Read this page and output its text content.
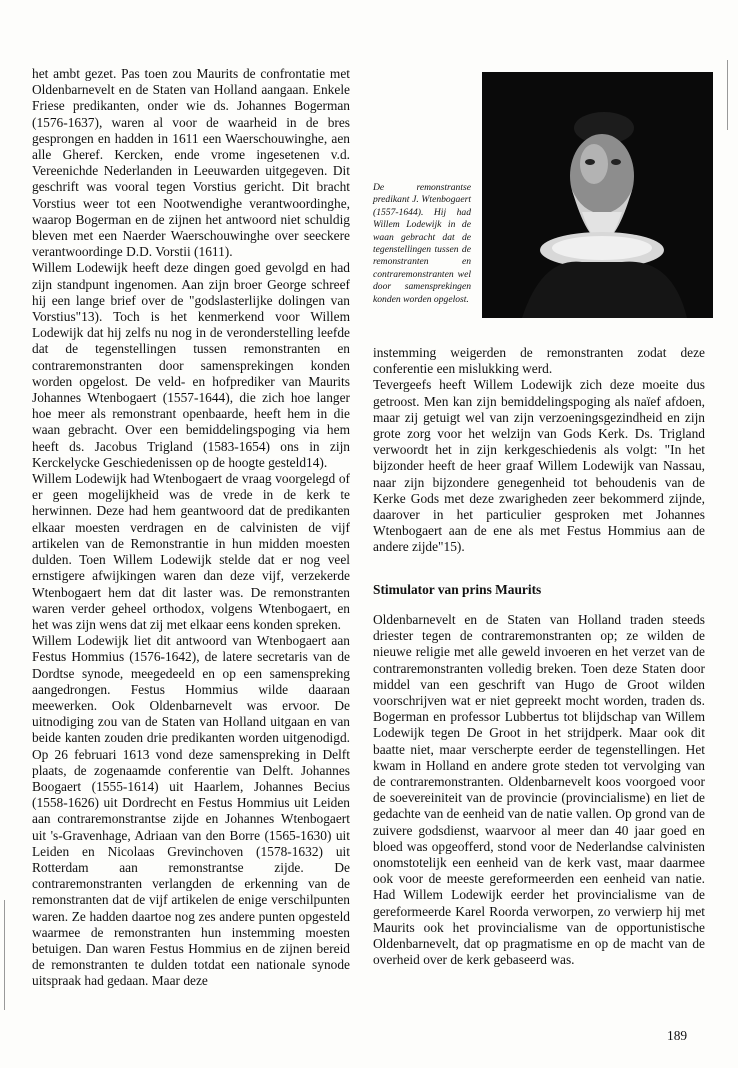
het ambt gezet. Pas toen zou Maurits de confrontatie met Oldenbarnevelt en de Staten van Holland aangaan. Enkele Friese predikanten, onder wie ds. Johannes Bogerman (1576-1637), waren al voor de waarheid in de bres gesprongen en hadden in 1611 een Waerschouwinghe, aen alle Gheref. Kercken, ende vrome ingesetenen v.d. Vereenichde Nederlanden in Leeuwarden uitgegeven. Dit geschrift was vooral tegen Vorstius gericht. Dit bracht Vorstius weer tot een Nootwendighe verantwoordinghe, waarop Bogerman en de zijnen het antwoord niet schuldig bleven met een Naerder Waerschouwinghe over seeckere verantwoordinge D.D. Vorstii (1611).

Willem Lodewijk heeft deze dingen goed gevolgd en had zijn standpunt ingenomen. Aan zijn broer George schreef hij een lange brief over de "godslasterlijke dolingen van Vorstius"13). Toch is het kenmerkend voor Willem Lodewijk dat hij zelfs nu nog in de veronderstelling leefde dat de tegenstellingen tussen remonstranten en contraremonstranten door samensprekingen konden worden opgelost. De veld- en hofprediker van Maurits Johannes Wtenbogaert (1557-1644), die zich hoe langer hoe meer als remonstrant openbaarde, heeft hem in die waan gebracht. Over een bemiddelingspoging via hem heeft ds. Jacobus Trigland (1583-1654) ons in zijn Kerckelycke Geschiedenissen op de hoogte gesteld14).

Willem Lodewijk had Wtenbogaert de vraag voorgelegd of er geen mogelijkheid was de vrede in de kerk te herwinnen. Deze had hem geantwoord dat de predikanten elkaar moesten verdragen en de calvinisten de vijf artikelen van de Remonstrantie in hun midden moesten dulden. Toen Willem Lodewijk stelde dat er nog veel ernstigere afwijkingen waren dan deze vijf, verzekerde Wtenbogaert hem dat dit laster was. De remonstranten waren verder geheel orthodox, volgens Wtenbogaert, en het was zijn wens dat zij met elkaar eens konden spreken.

Willem Lodewijk liet dit antwoord van Wtenbogaert aan Festus Hommius (1576-1642), de latere secretaris van de Dordtse synode, meegedeeld en op een samenspreking aangedrongen. Festus Hommius wilde daaraan meewerken. Ook Oldenbarnevelt was ervoor. De uitnodiging zou van de Staten van Holland uitgaan en van beide kanten zouden drie predikanten worden uitgenodigd. Op 26 februari 1613 vond deze samenspreking in Delft plaats, de zogenaamde conferentie van Delft. Johannes Boogaert (1555-1614) uit Haarlem, Johannes Becius (1558-1626) uit Dordrecht en Festus Hommius uit Leiden aan contraremonstrantse zijde en Johannes Wtenbogaert uit 's-Gravenhage, Adriaan van den Borre (1565-1630) uit Leiden en Nicolaas Grevinchoven (1578-1632) uit Rotterdam aan remonstrantse zijde. De contraremonstranten verlangden de erkenning van de remonstranten dat de vijf artikelen de enige verschilpunten waren. Ze hadden daartoe nog zes andere punten opgesteld waarmee de remonstranten hun instemming moesten betuigen. Dan waren Festus Hommius en de zijnen bereid de remonstranten te dulden totdat een nationale synode uitspraak had gedaan. Maar deze

De remonstrantse predikant J. Wtenbogaert (1557-1644). Hij had Willem Lodewijk in de waan gebracht dat de tegenstellingen tussen de remonstranten en contraremonstranten wel door samensprekingen konden worden opgelost.

instemming weigerden de remonstranten zodat deze conferentie een mislukking werd.

Tevergeefs heeft Willem Lodewijk zich deze moeite dus getroost. Men kan zijn bemiddelingspoging als naïef afdoen, maar zij getuigt wel van zijn verzoeningsgezindheid en zijn grote zorg voor het welzijn van Gods Kerk. Ds. Trigland verwoordt het in zijn kerkgeschiedenis als volgt: "In het bijzonder heeft de heer graaf Willem Lodewijk van Nassau, naar zijn bijzondere genegenheid tot behoudenis van de Kerke Gods met deze zwarigheden zeer bekommerd zijnde, daarover in het particulier gesproken met Johannes Wtenbogaert aan de ene als met Festus Hommius aan de andere zijde"15).

Stimulator van prins Maurits

Oldenbarnevelt en de Staten van Holland traden steeds driester tegen de contraremonstranten op; ze wilden de nieuwe religie met alle geweld invoeren en het verzet van de contraremonstranten volledig breken. Toen deze Staten door middel van een geschrift van Hugo de Groot wilden voorschrijven wat er niet gepreekt mocht worden, traden ds. Bogerman en professor Lubbertus tot blijdschap van Willem Lodewijk tegen De Groot in het strijdperk. Maar ook dit baatte niet, maar verscherpte eerder de tegenstellingen. Het kwam in Holland en andere grote steden tot vervolging van de contraremonstranten. Oldenbarnevelt koos voorgoed voor de soevereiniteit van de provincie (provincialisme) en liet de gedachte van de eenheid van de natie vallen. Op grond van de zuivere godsdienst, waarvoor al meer dan 40 jaar goed en bloed was opgeofferd, stond voor de Nederlandse calvinisten onomstotelijk een eenheid van de kerk vast, maar daarmee ook voor de meeste gereformeerden een eenheid van natie. Had Willem Lodewijk eerder het provincialisme van de gereformeerde Karel Roorda verworpen, zo verwierp hij met Maurits ook het provincialisme van de opportunistische Oldenbarnevelt, dat op pragmatisme en op de macht van de overheid over de kerk gebaseerd was.

189
